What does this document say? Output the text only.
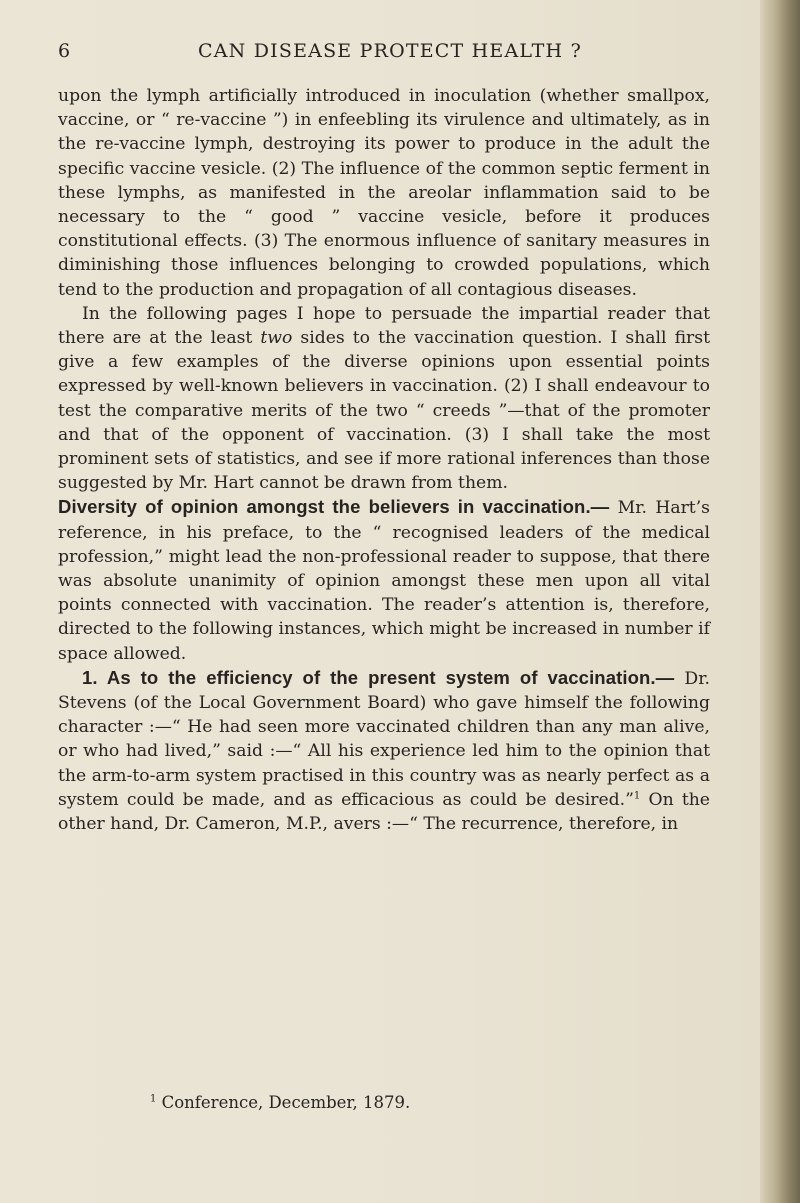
6	CAN DISEASE PROTECT HEALTH ?

upon the lymph artificially introduced in inoculation (whether smallpox, vaccine, or “ re-vaccine ”) in enfeebling its virulence and ultimately, as in the re-vaccine lymph, destroying its power to produce in the adult the specific vaccine vesicle. (2) The influence of the common septic ferment in these lymphs, as manifested in the areolar inflammation said to be necessary to the “ good ” vaccine vesicle, before it produces constitutional effects. (3) The enormous influence of sanitary measures in diminishing those influences belonging to crowded populations, which tend to the production and propagation of all contagious diseases.

In the following pages I hope to persuade the impartial reader that there are at the least two sides to the vaccination question. I shall first give a few examples of the diverse opinions upon essential points expressed by well-known believers in vaccination. (2) I shall endeavour to test the comparative merits of the two “ creeds ”—that of the promoter and that of the opponent of vaccination. (3) I shall take the most prominent sets of statistics, and see if more rational inferences than those suggested by Mr. Hart cannot be drawn from them.

Diversity of opinion amongst the believers in vaccination.— Mr. Hart’s reference, in his preface, to the “ recognised leaders of the medical profession,” might lead the non-professional reader to suppose, that there was absolute unanimity of opinion amongst these men upon all vital points connected with vaccination. The reader’s attention is, therefore, directed to the following instances, which might be increased in number if space allowed.

1. As to the efficiency of the present system of vaccination.— Dr. Stevens (of the Local Government Board) who gave himself the following character :—“ He had seen more vaccinated children than any man alive, or who had lived,” said :—“ All his experience led him to the opinion that the arm-to-arm system practised in this country was as nearly perfect as a system could be made, and as efficacious as could be desired.”$^1$ On the other hand, Dr. Cameron, M.P., avers :—“ The recurrence, therefore, in

$^1$ Conference, December, 1879.
